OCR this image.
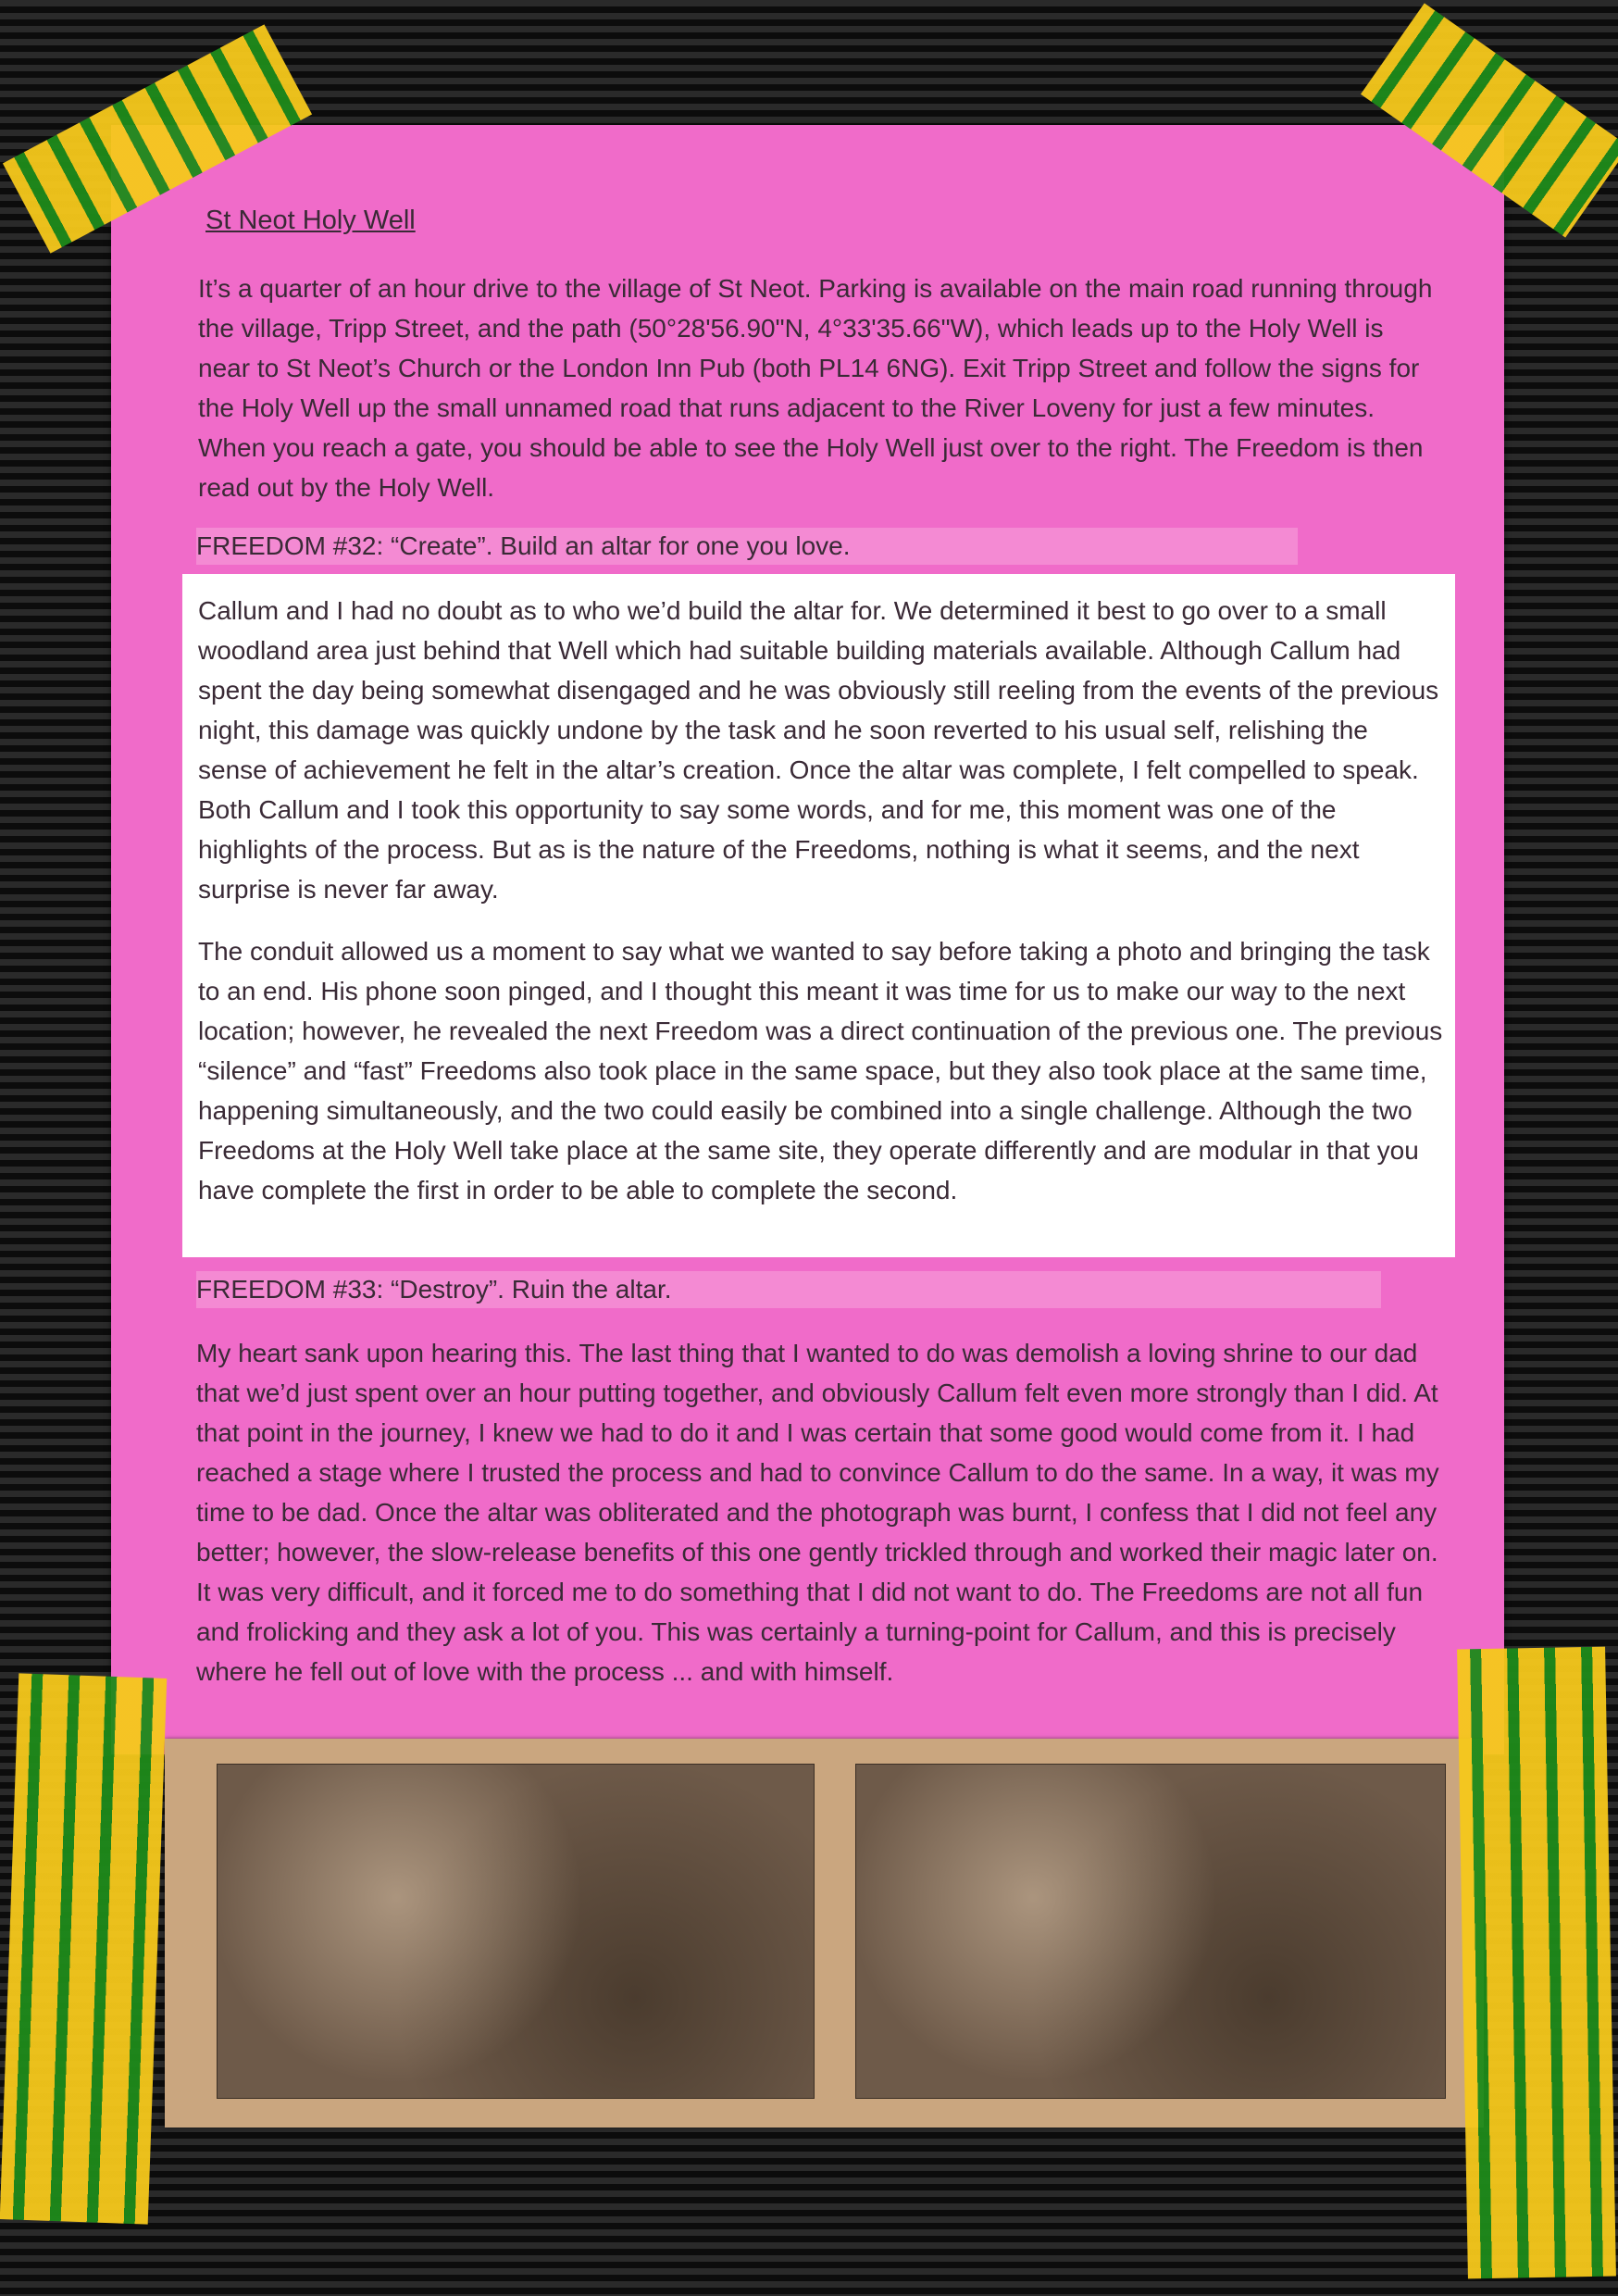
St Neot Holy Well
It’s a quarter of an hour drive to the village of St Neot. Parking is available on the main road running through the village, Tripp Street, and the path (50°28'56.90"N, 4°33'35.66"W), which leads up to the Holy Well is near to St Neot’s Church or the London Inn Pub (both PL14 6NG). Exit Tripp Street and follow the signs for the Holy Well up the small unnamed road that runs adjacent to the River Loveny for just a few minutes. When you reach a gate, you should be able to see the Holy Well just over to the right. The Freedom is then read out by the Holy Well.
FREEDOM #32: “Create”. Build an altar for one you love.
Callum and I had no doubt as to who we’d build the altar for. We determined it best to go over to a small woodland area just behind that Well which had suitable building materials available. Although Callum had spent the day being somewhat disengaged and he was obviously still reeling from the events of the previous night, this damage was quickly undone by the task and he soon reverted to his usual self, relishing the sense of achievement he felt in the altar’s creation. Once the altar was complete, I felt compelled to speak. Both Callum and I took this opportunity to say some words, and for me, this moment was one of the highlights of the process. But as is the nature of the Freedoms, nothing is what it seems, and the next surprise is never far away.
The conduit allowed us a moment to say what we wanted to say before taking a photo and bringing the task to an end. His phone soon pinged, and I thought this meant it was time for us to make our way to the next location; however, he revealed the next Freedom was a direct continuation of the previous one. The previous “silence” and “fast” Freedoms also took place in the same space, but they also took place at the same time, happening simultaneously, and the two could easily be combined into a single challenge. Although the two Freedoms at the Holy Well take place at the same site, they operate differently and are modular in that you have complete the first in order to be able to complete the second.
FREEDOM #33: “Destroy”. Ruin the altar.
My heart sank upon hearing this. The last thing that I wanted to do was demolish a loving shrine to our dad that we’d just spent over an hour putting together, and obviously Callum felt even more strongly than I did. At that point in the journey, I knew we had to do it and I was certain that some good would come from it. I had reached a stage where I trusted the process and had to convince Callum to do the same. In a way, it was my time to be dad. Once the altar was obliterated and the photograph was burnt, I confess that I did not feel any better; however, the slow-release benefits of this one gently trickled through and worked their magic later on. It was very difficult, and it forced me to do something that I did not want to do. The Freedoms are not all fun and frolicking and they ask a lot of you. This was certainly a turning-point for Callum, and this is precisely where he fell out of love with the process ... and with himself.
